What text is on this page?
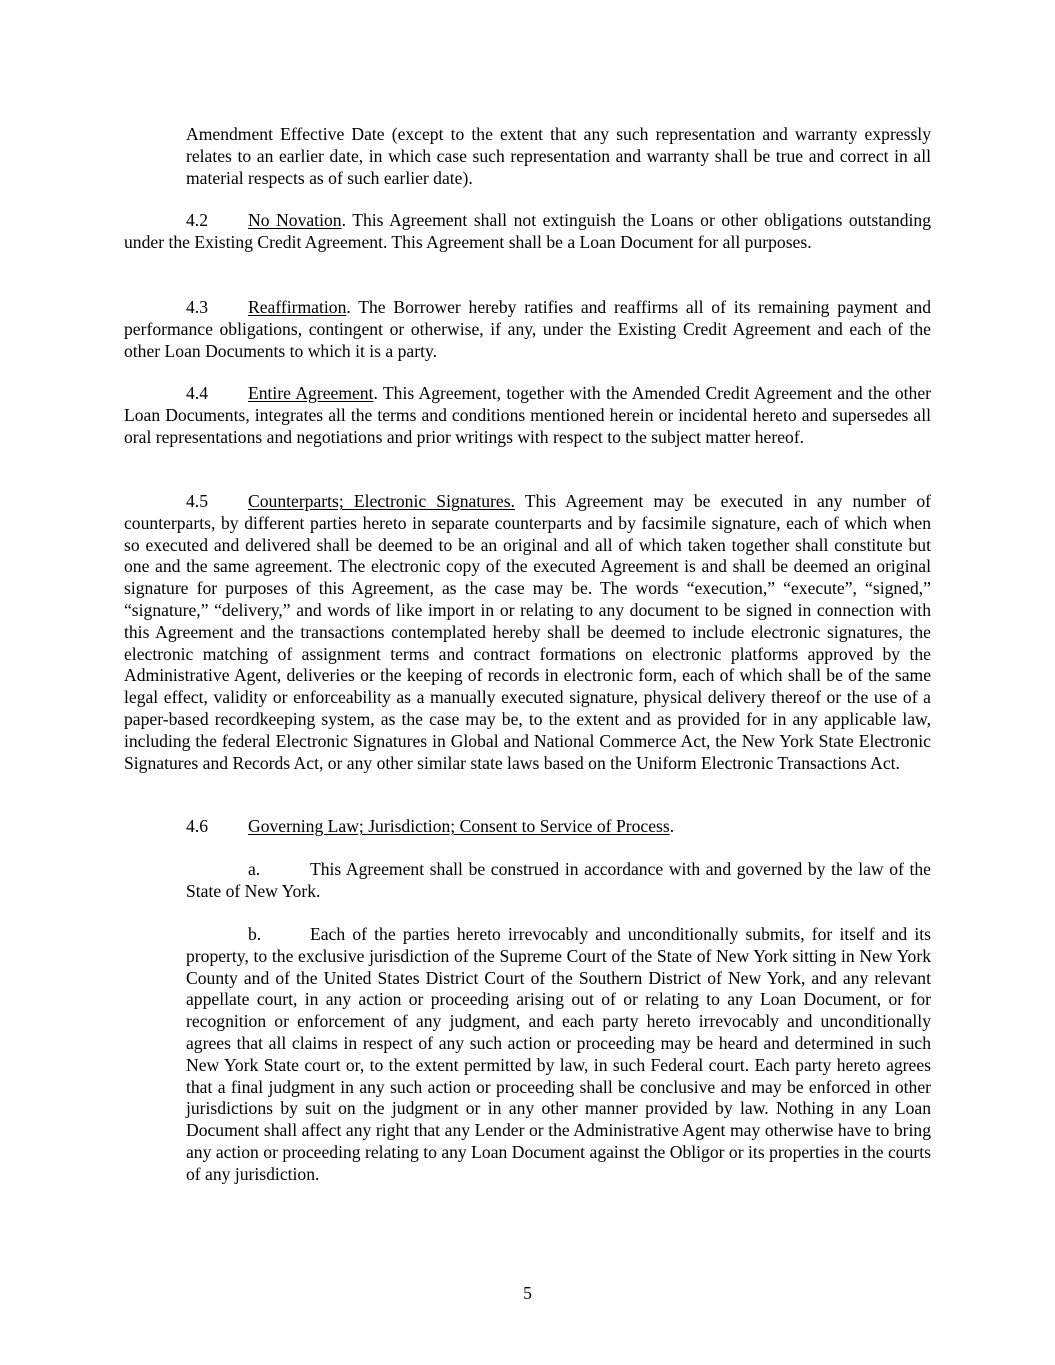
Amendment Effective Date (except to the extent that any such representation and warranty expressly relates to an earlier date, in which case such representation and warranty shall be true and correct in all material respects as of such earlier date).

4.2 No Novation. This Agreement shall not extinguish the Loans or other obligations outstanding under the Existing Credit Agreement. This Agreement shall be a Loan Document for all purposes.

4.3 Reaffirmation. The Borrower hereby ratifies and reaffirms all of its remaining payment and performance obligations, contingent or otherwise, if any, under the Existing Credit Agreement and each of the other Loan Documents to which it is a party.

4.4 Entire Agreement. This Agreement, together with the Amended Credit Agreement and the other Loan Documents, integrates all the terms and conditions mentioned herein or incidental hereto and supersedes all oral representations and negotiations and prior writings with respect to the subject matter hereof.

4.5 Counterparts; Electronic Signatures. This Agreement may be executed in any number of counterparts, by different parties hereto in separate counterparts and by facsimile signature, each of which when so executed and delivered shall be deemed to be an original and all of which taken together shall constitute but one and the same agreement. The electronic copy of the executed Agreement is and shall be deemed an original signature for purposes of this Agreement, as the case may be. The words “execution,” “execute”, “signed,” “signature,” “delivery,” and words of like import in or relating to any document to be signed in connection with this Agreement and the transactions contemplated hereby shall be deemed to include electronic signatures, the electronic matching of assignment terms and contract formations on electronic platforms approved by the Administrative Agent, deliveries or the keeping of records in electronic form, each of which shall be of the same legal effect, validity or enforceability as a manually executed signature, physical delivery thereof or the use of a paper-based recordkeeping system, as the case may be, to the extent and as provided for in any applicable law, including the federal Electronic Signatures in Global and National Commerce Act, the New York State Electronic Signatures and Records Act, or any other similar state laws based on the Uniform Electronic Transactions Act.

4.6 Governing Law; Jurisdiction; Consent to Service of Process.

a.	This Agreement shall be construed in accordance with and governed by the law of the State of New York.

b.	Each of the parties hereto irrevocably and unconditionally submits, for itself and its property, to the exclusive jurisdiction of the Supreme Court of the State of New York sitting in New York County and of the United States District Court of the Southern District of New York, and any relevant appellate court, in any action or proceeding arising out of or relating to any Loan Document, or for recognition or enforcement of any judgment, and each party hereto irrevocably and unconditionally agrees that all claims in respect of any such action or proceeding may be heard and determined in such New York State court or, to the extent permitted by law, in such Federal court. Each party hereto agrees that a final judgment in any such action or proceeding shall be conclusive and may be enforced in other jurisdictions by suit on the judgment or in any other manner provided by law. Nothing in any Loan Document shall affect any right that any Lender or the Administrative Agent may otherwise have to bring any action or proceeding relating to any Loan Document against the Obligor or its properties in the courts of any jurisdiction.

5
